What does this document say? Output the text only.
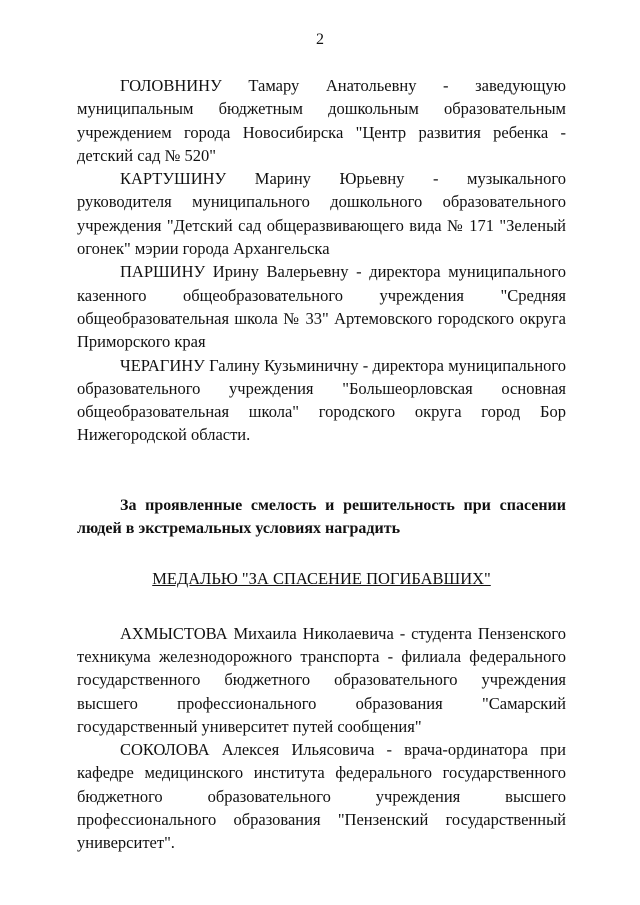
2

ГОЛОВНИНУ Тамару Анатольевну - заведующую муниципальным бюджетным дошкольным образовательным учреждением города Новосибирска "Центр развития ребенка - детский сад № 520"

КАРТУШИНУ Марину Юрьевну - музыкального руководителя муниципального дошкольного образовательного учреждения "Детский сад общеразвивающего вида № 171 "Зеленый огонек" мэрии города Архангельска

ПАРШИНУ Ирину Валерьевну - директора муниципального казенного общеобразовательного учреждения "Средняя общеобразовательная школа № 33" Артемовского городского округа Приморского края

ЧЕРАГИНУ Галину Кузьминичну - директора муниципального образовательного учреждения "Большеорловская основная общеобразовательная школа" городского округа город Бор Нижегородской области.

За проявленные смелость и решительность при спасении людей в экстремальных условиях наградить

МЕДАЛЬЮ "ЗА СПАСЕНИЕ ПОГИБАВШИХ"

АХМЫСТОВА Михаила Николаевича - студента Пензенского техникума железнодорожного транспорта - филиала федерального государственного бюджетного образовательного учреждения высшего профессионального образования "Самарский государственный университет путей сообщения"

СОКОЛОВА Алексея Ильясовича - врача-ординатора при кафедре медицинского института федерального государственного бюджетного образовательного учреждения высшего профессионального образования "Пензенский государственный университет".
